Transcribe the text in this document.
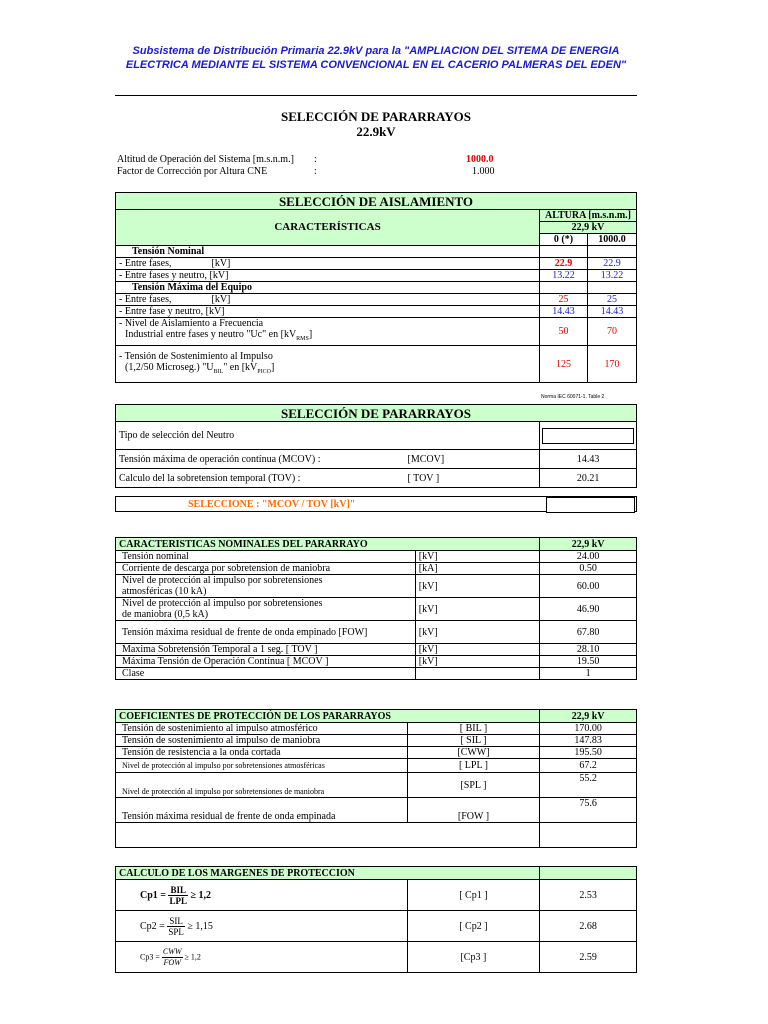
Subsistema de Distribución Primaria 22.9kV para la "AMPLIACION DEL SITEMA DE ENERGIA
ELECTRICA MEDIANTE EL SISTEMA CONVENCIONAL EN EL CACERIO PALMERAS DEL EDEN"
SELECCIÓN DE PARARRAYOS
22.9kV
Altitud de Operación del Sistema [m.s.n.m.] :	1000.0
Factor de Corrección por Altura CNE	:	1.000
SELECCIÓN DE AISLAMIENTO		
CARACTERÍSTICAS	ALTURA [m.s.n.m.]	
	22,9 kV	
	0 (*)	1000.0
Tensión Nominal		
- Entre fases, [kV]	22.9	22.9
- Entre fases y neutro, [kV]	13.22	13.22
Tensión Máxima del Equipo		
- Entre fases, [kV]	25	25
- Entre fase y neutro, [kV]	14.43	14.43

- Nivel de Aislamiento a Frecuencia
Industrial entre fases y neutro "Uc" en $[kV_{RMS}]$	50	70

- Tensión de Sostenimiento al Impulso
(1,2/50 Microseg.) "$U_{BIL}$" en $[kV_{PICO}]$	125	170
Norma IEC 60071-1. Table 2
SELECCIÓN DE PARARRAYOS	
Tipo de selección del Neutro	

Tensión máxima de operación contínua (MCOV) : [MCOV]	14.43
Calculo del la sobretension temporal (TOV) : [ TOV ]	20.21
SELECCIONE : "MCOV / TOV [kV]"
CARACTERISTICAS NOMINALES DEL PARARRAYO		22,9 kV
Tensión nominal	[kV]	24.00
Corriente de descarga por sobretension de maniobra	[kA]	0.50

Nivel de protección al impulso por sobretensiones
atmosféricas (10 kA)	[kV]	60.00

Nivel de protección al impulso por sobretensiones
de maniobra (0,5 kA)	[kV]	46.90
Tensión máxima residual de frente de onda empinado [FOW]	[kV]	67.80
Maxima Sobretensión Temporal a 1 seg. [ TOV ]	[kV]	28.10
Máxima Tensión de Operación Contínua [ MCOV ]	[kV]	19.50
Clase		1
COEFICIENTES DE PROTECCIÓN DE LOS PARARRAYOS		22,9 kV
Tensión de sostenimiento al impulso atmosférico	[ BIL ]	170.00
Tensión de sostenimiento al impulso de maniobra	[ SIL ]	147.83
Tensión de resistencia a la onda cortada	[CWW]	195.50
Nivel de protección al impulso por sobretensiones atmosféricas	[ LPL ]	67.2
Nivel de protección al impulso por sobretensiones de maniobra	[SPL ]	55.2
Tensión máxima residual de frente de onda empinada	[FOW ]	75.6

CALCULO DE LOS MARGENES DE PROTECCION		
$Cp1 = \frac{\text{BIL}}{\text{LPL}} \ge 1,2$	[ Cp1 ]	2.53
$Cp2 = \frac{\text{SIL}}{\text{SPL}} \ge 1,15$	[ Cp2 ]	2.68
$Cp3 = \frac{\text{CWW}}{\text{FOW}} \ge 1,2$	[Cp3 ]	2.59
